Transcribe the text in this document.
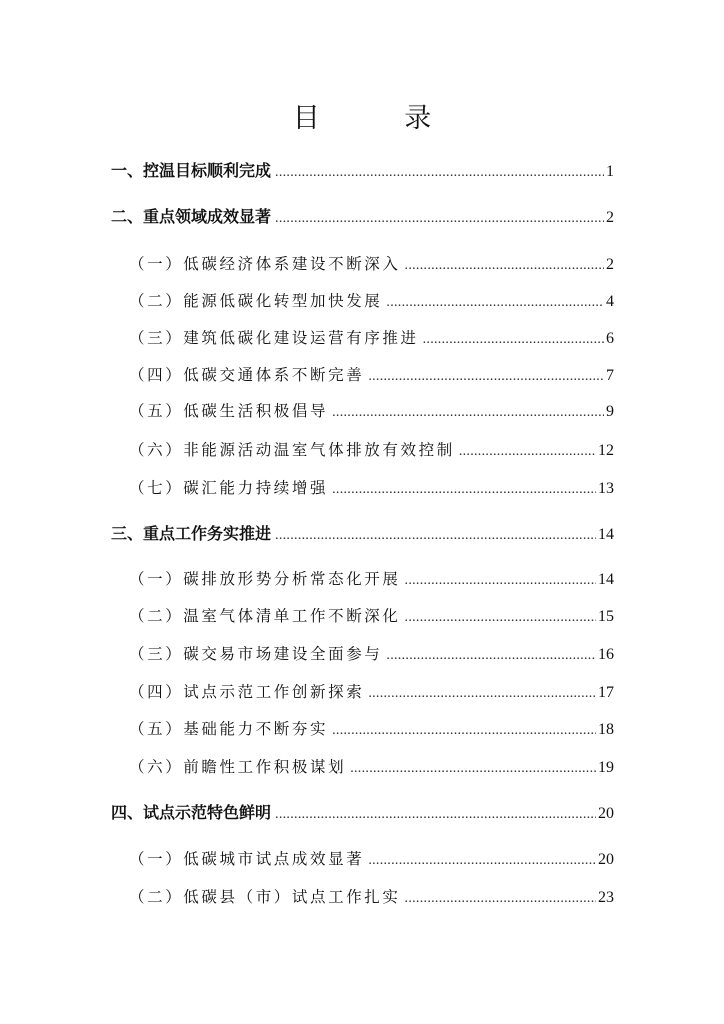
目 录
一、控温目标顺利完成 .....	1
二、重点领域成效显著 .....	2
（一）低碳经济体系建设不断深入 .....	2
（二）能源低碳化转型加快发展 .....	4
（三）建筑低碳化建设运营有序推进 .....	6
（四）低碳交通体系不断完善 .....	7
（五）低碳生活积极倡导 .....	9
（六）非能源活动温室气体排放有效控制 .....	12
（七）碳汇能力持续增强 .....	13
三、重点工作务实推进 .....	14
（一）碳排放形势分析常态化开展 .....	14
（二）温室气体清单工作不断深化 .....	15
（三）碳交易市场建设全面参与 .....	16
（四）试点示范工作创新探索 .....	17
（五）基础能力不断夯实 .....	18
（六）前瞻性工作积极谋划 .....	19
四、试点示范特色鲜明 .....	20
（一）低碳城市试点成效显著 .....	20
（二）低碳县（市）试点工作扎实 .....	23
